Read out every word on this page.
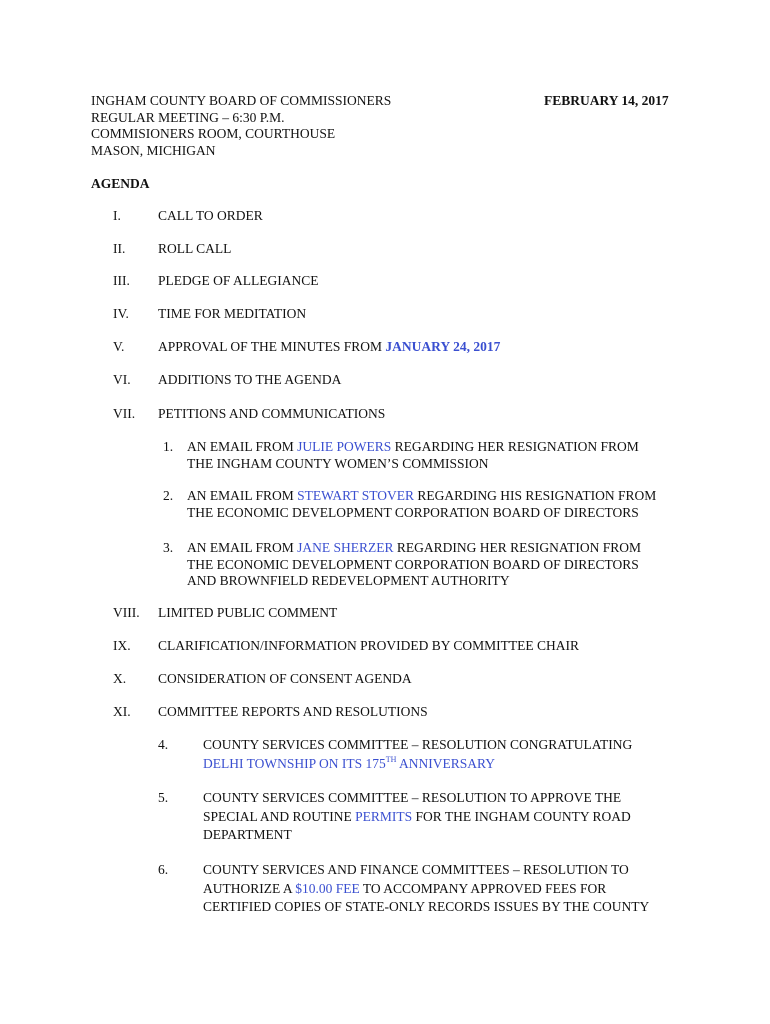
INGHAM COUNTY BOARD OF COMMISSIONERS	FEBRUARY 14, 2017
REGULAR MEETING – 6:30 P.M.
COMMISIONERS ROOM, COURTHOUSE
MASON, MICHIGAN
AGENDA
I.	CALL TO ORDER
II. ROLL CALL
III. PLEDGE OF ALLEGIANCE
IV. TIME FOR MEDITATION
V. APPROVAL OF THE MINUTES FROM JANUARY 24, 2017
VI. ADDITIONS TO THE AGENDA
VII. PETITIONS AND COMMUNICATIONS
1. AN EMAIL FROM JULIE POWERS REGARDING HER RESIGNATION FROM
THE INGHAM COUNTY WOMEN’S COMMISSION
2. AN EMAIL FROM STEWART STOVER REGARDING HIS RESIGNATION FROM
THE ECONOMIC DEVELOPMENT CORPORATION BOARD OF DIRECTORS
3. AN EMAIL FROM JANE SHERZER REGARDING HER RESIGNATION FROM
THE ECONOMIC DEVELOPMENT CORPORATION BOARD OF DIRECTORS
AND BROWNFIELD REDEVELOPMENT AUTHORITY
VIII. LIMITED PUBLIC COMMENT
IX. CLARIFICATION/INFORMATION PROVIDED BY COMMITTEE CHAIR
X. CONSIDERATION OF CONSENT AGENDA
XI. COMMITTEE REPORTS AND RESOLUTIONS
4.	COUNTY SERVICES COMMITTEE – RESOLUTION CONGRATULATING
DELHI TOWNSHIP ON ITS 175TH ANNIVERSARY
5.	COUNTY SERVICES COMMITTEE – RESOLUTION TO APPROVE THE
SPECIAL AND ROUTINE PERMITS FOR THE INGHAM COUNTY ROAD
DEPARTMENT
6.	COUNTY SERVICES AND FINANCE COMMITTEES – RESOLUTION TO
AUTHORIZE A $10.00 FEE TO ACCOMPANY APPROVED FEES FOR
CERTIFIED COPIES OF STATE-ONLY RECORDS ISSUES BY THE COUNTY
